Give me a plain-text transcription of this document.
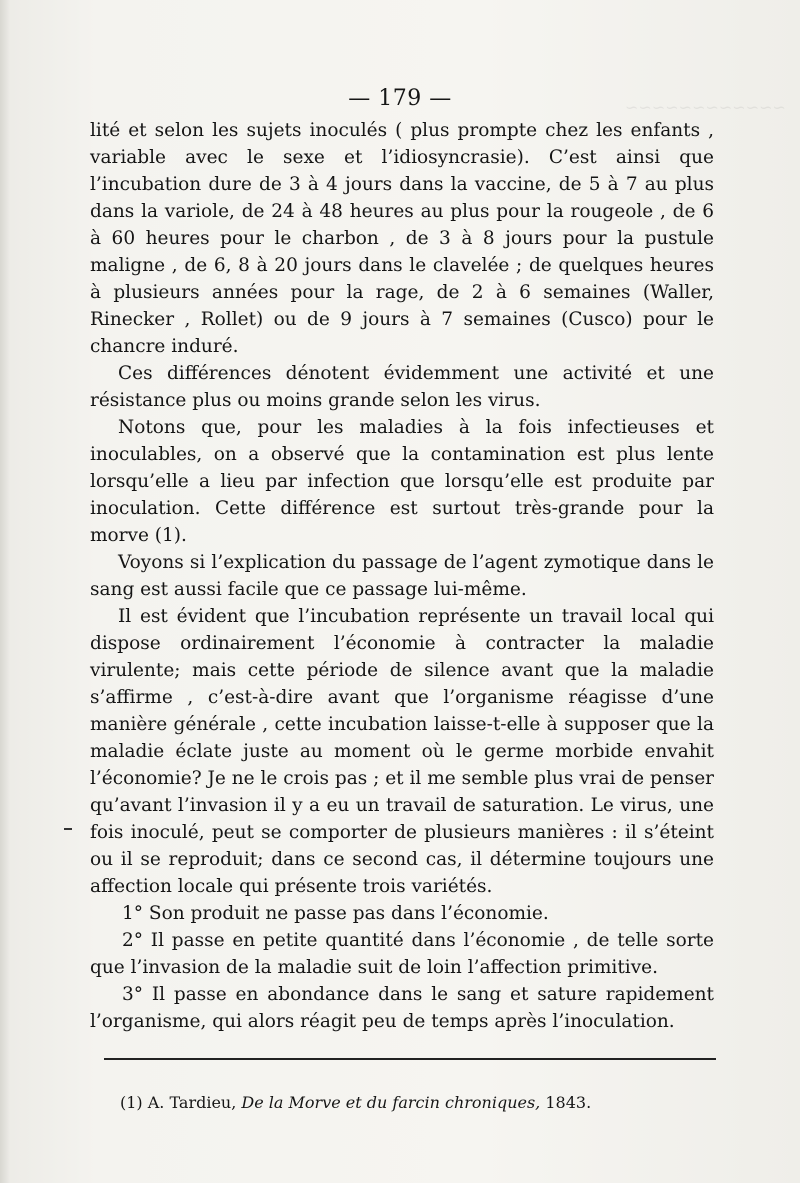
~~~~~~~~~~~~
— 179 —

lité et selon les sujets inoculés ( plus prompte chez les enfants , variable avec le sexe et l’idiosyncrasie). C’est ainsi que l’incubation dure de 3 à 4 jours dans la vaccine, de 5 à 7 au plus dans la variole, de 24 à 48 heures au plus pour la rougeole , de 6 à 60 heures pour le charbon , de 3 à 8 jours pour la pustule maligne , de 6, 8 à 20 jours dans le clavelée ; de quelques heures à plusieurs années pour la rage, de 2 à 6 semaines (Waller, Rinecker , Rollet) ou de 9 jours à 7 semaines (Cusco) pour le chancre induré.

Ces différences dénotent évidemment une activité et une résistance plus ou moins grande selon les virus.

Notons que, pour les maladies à la fois infectieuses et inoculables, on a observé que la contamination est plus lente lorsqu’elle a lieu par infection que lorsqu’elle est produite par inoculation. Cette différence est surtout très-grande pour la morve (1).

Voyons si l’explication du passage de l’agent zymotique dans le sang est aussi facile que ce passage lui-même.

Il est évident que l’incubation représente un travail local qui dispose ordinairement l’économie à contracter la maladie virulente; mais cette période de silence avant que la maladie s’affirme , c’est-à-dire avant que l’organisme réagisse d’une manière générale , cette incubation laisse-t-elle à supposer que la maladie éclate juste au moment où le germe morbide envahit l’économie? Je ne le crois pas ; et il me semble plus vrai de penser qu’avant l’invasion il y a eu un travail de saturation. Le virus, une fois inoculé, peut se comporter de plusieurs manières : il s’éteint ou il se reproduit; dans ce second cas, il détermine toujours une affection locale qui présente trois variétés.

1° Son produit ne passe pas dans l’économie.

2° Il passe en petite quantité dans l’économie , de telle sorte que l’invasion de la maladie suit de loin l’affection primitive.

3° Il passe en abondance dans le sang et sature rapidement l’organisme, qui alors réagit peu de temps après l’inoculation.

(1) A. Tardieu, De la Morve et du farcin chroniques, 1843.
